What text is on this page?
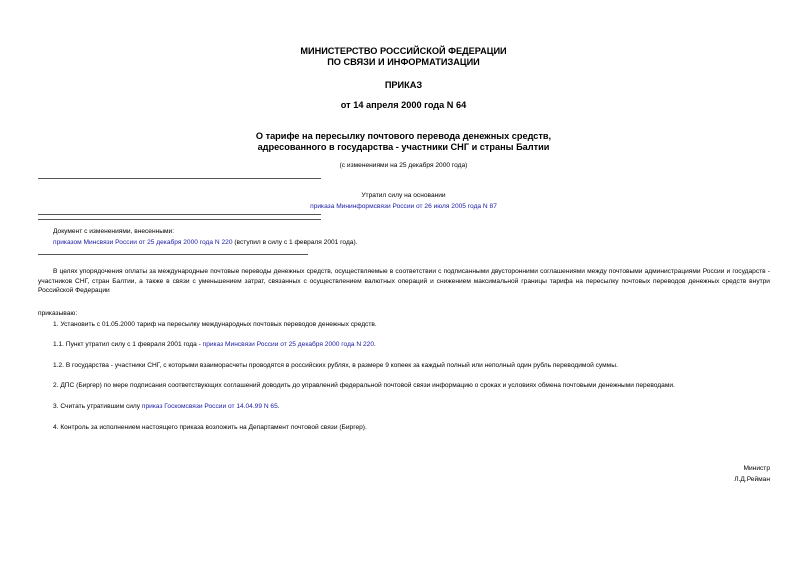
МИНИСТЕРСТВО РОССИЙСКОЙ ФЕДЕРАЦИИ
ПО СВЯЗИ И ИНФОРМАТИЗАЦИИ
ПРИКАЗ
от 14 апреля 2000 года N 64
О тарифе на пересылку почтового перевода денежных средств,
адресованного в государства - участники СНГ и страны Балтии
(с изменениями на 25 декабря 2000 года)
Утратил силу на основании
приказа Мининформсвязи России от 26 июля 2005 года N 87
Документ с изменениями, внесенными:
приказом Минсвязи России от 25 декабря 2000 года N 220 (вступил в силу с 1 февраля 2001 года).
В целях упорядочения оплаты за международные почтовые переводы денежных средств, осуществляемые в соответствии с подписанными двусторонними соглашениями между почтовыми администрациями России и государств - участников СНГ, стран Балтии, а также в связи с уменьшением затрат, связанных с осуществлением валютных операций и снижением максимальной границы тарифа на пересылку почтовых переводов денежных средств внутри Российской Федерации
приказываю:
1. Установить с 01.05.2000 тариф на пересылку международных почтовых переводов денежных средств.
1.1. Пункт утратил силу с 1 февраля 2001 года - приказ Минсвязи России от 25 декабря 2000 года N 220.
1.2. В государства - участники СНГ, с которыми взаиморасчеты проводятся в российских рублях, в размере 9 копеек за каждый полный или неполный один рубль переводимой суммы.
2. ДПС (Биргер) по мере подписания соответствующих соглашений доводить до управлений федеральной почтовой связи информацию о сроках и условиях обмена почтовыми денежными переводами.
3. Считать утратившим силу приказ Госкомсвязи России от 14.04.99 N 65.
4. Контроль за исполнением настоящего приказа возложить на Департамент почтовой связи (Биргер).
Министр
Л.Д.Рейман
